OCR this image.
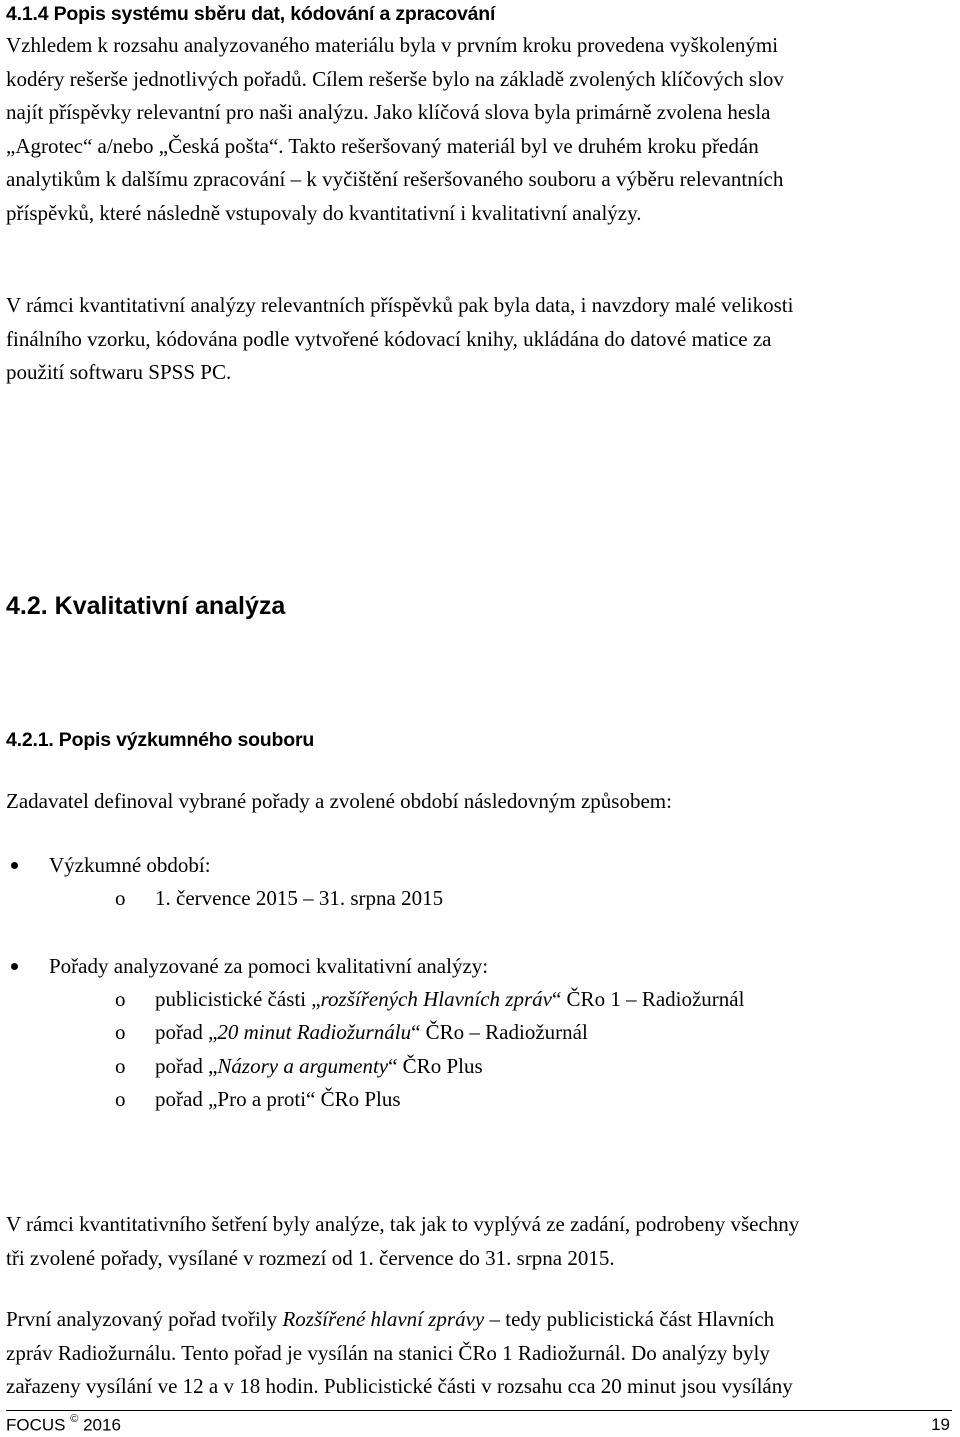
4.1.4 Popis systému sběru dat, kódování a zpracování
Vzhledem k rozsahu analyzovaného materiálu byla v prvním kroku provedena vyškolenými
kodéry rešerše jednotlivých pořadů. Cílem rešerše bylo na základě zvolených klíčových slov
najít příspěvky relevantní pro naši analýzu. Jako klíčová slova byla primárně zvolena hesla
„Agrotec“ a/nebo „Česká pošta“. Takto rešeršovaný materiál byl ve druhém kroku předán
analytikům k dalšímu zpracování – k vyčištění rešeršovaného souboru a výběru relevantních
příspěvků, které následně vstupovaly do kvantitativní i kvalitativní analýzy.
V rámci kvantitativní analýzy relevantních příspěvků pak byla data, i navzdory malé velikosti
finálního vzorku, kódována podle vytvořené kódovací knihy, ukládána do datové matice za
použití softwaru SPSS PC.
4.2. Kvalitativní analýza
4.2.1. Popis výzkumného souboru

Zadavatel definoval vybrané pořady a zvolené období následovným způsobem:

Výzkumné období:

o 1. července 2015 – 31. srpna 2015

Pořady analyzované za pomoci kvalitativní analýzy:

o publicistické části „rozšířených Hlavních zpráv“ ČRo 1 – Radiožurnál

o pořad „20 minut Radiožurnálu“ ČRo – Radiožurnál

o pořad „Názory a argumenty“ ČRo Plus

o pořad „Pro a proti“ ČRo Plus

V rámci kvantitativního šetření byly analýze, tak jak to vyplývá ze zadání, podrobeny všechny
tři zvolené pořady, vysílané v rozmezí od 1. července do 31. srpna 2015.
První analyzovaný pořad tvořily Rozšířené hlavní zprávy – tedy publicistická část Hlavních
zpráv Radiožurnálu. Tento pořad je vysílán na stanici ČRo 1 Radiožurnál. Do analýzy byly
zařazeny vysílání ve 12 a v 18 hodin. Publicistické části v rozsahu cca 20 minut jsou vysílány
FOCUS © 2016	19
